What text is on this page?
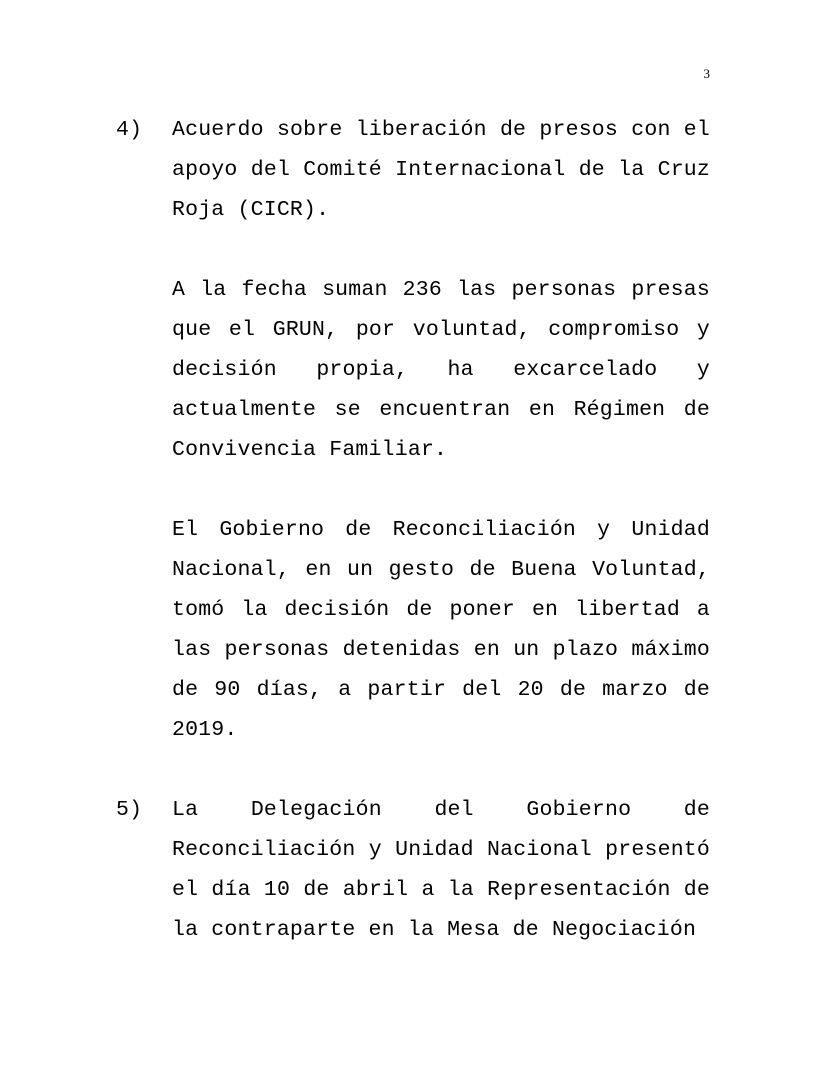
3

4) Acuerdo sobre liberación de presos con el apoyo del Comité Internacional de la Cruz Roja (CICR).

A la fecha suman 236 las personas presas que el GRUN, por voluntad, compromiso y decisión propia, ha excarcelado y actualmente se encuentran en Régimen de Convivencia Familiar.

El Gobierno de Reconciliación y Unidad Nacional, en un gesto de Buena Voluntad, tomó la decisión de poner en libertad a las personas detenidas en un plazo máximo de 90 días, a partir del 20 de marzo de 2019.

5) La Delegación del Gobierno de Reconciliación y Unidad Nacional presentó el día 10 de abril a la Representación de la contraparte en la Mesa de Negociación
